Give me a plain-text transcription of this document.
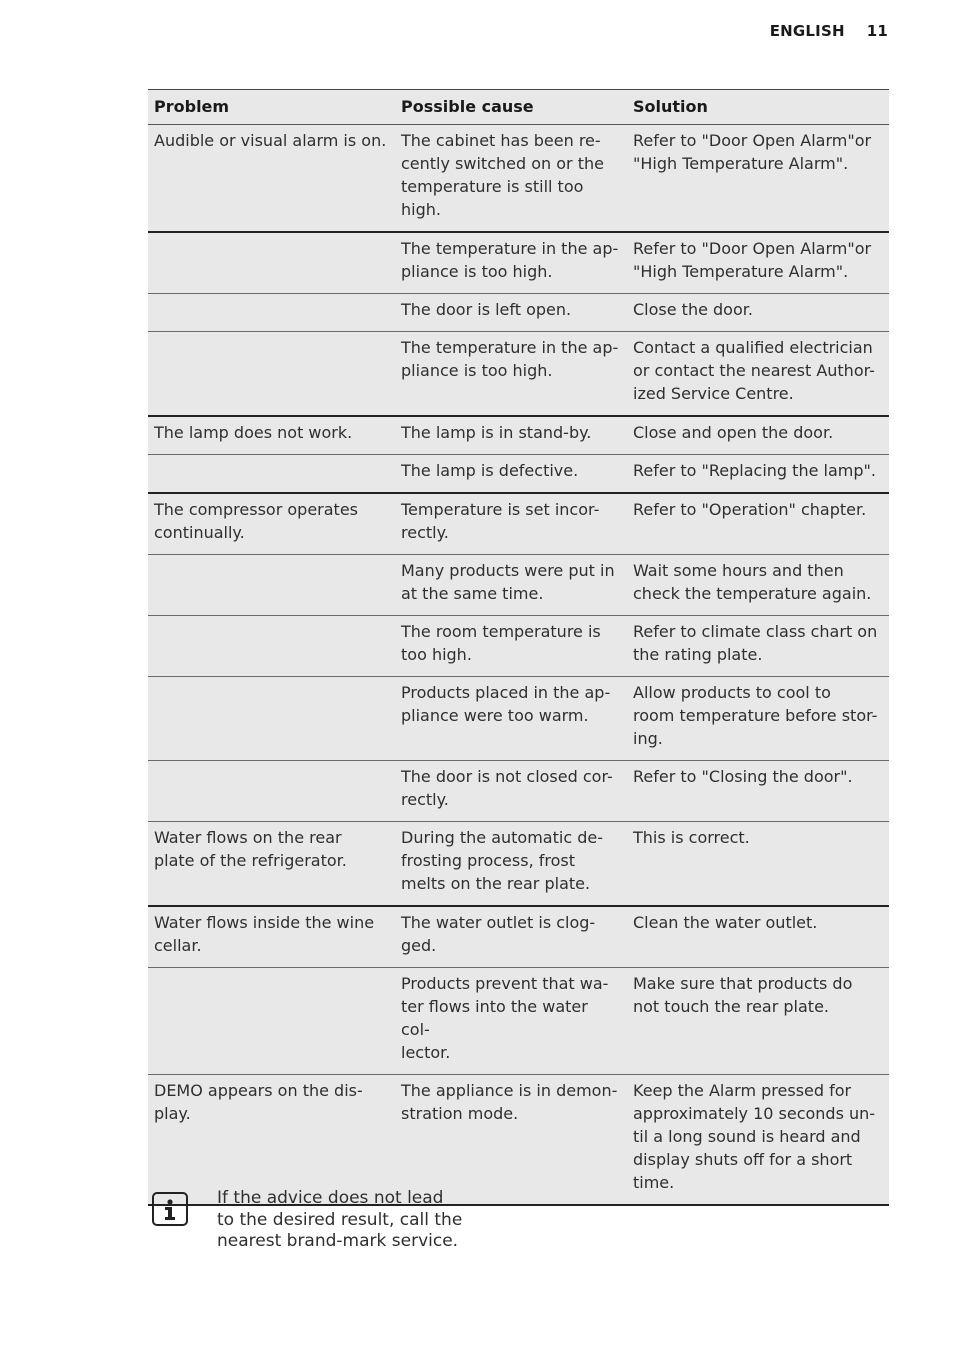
ENGLISH 11
Problem	Possible cause	Solution
Audible or visual alarm is on.	The cabinet has been re-
cently switched on or the
temperature is still too
high.	Refer to "Door Open Alarm"or
"High Temperature Alarm".
	The temperature in the ap-
pliance is too high.	Refer to "Door Open Alarm"or
"High Temperature Alarm".
	The door is left open.	Close the door.
	The temperature in the ap-
pliance is too high.	Contact a qualified electrician
or contact the nearest Author-
ized Service Centre.
The lamp does not work.	The lamp is in stand-by.	Close and open the door.
	The lamp is defective.	Refer to "Replacing the lamp".
The compressor operates
continually.	Temperature is set incor-
rectly.	Refer to "Operation" chapter.
	Many products were put in
at the same time.	Wait some hours and then
check the temperature again.
	The room temperature is
too high.	Refer to climate class chart on
the rating plate.
	Products placed in the ap-
pliance were too warm.	Allow products to cool to
room temperature before stor-
ing.
	The door is not closed cor-
rectly.	Refer to "Closing the door".
Water flows on the rear
plate of the refrigerator.	During the automatic de-
frosting process, frost
melts on the rear plate.	This is correct.
Water flows inside the wine
cellar.	The water outlet is clog-
ged.	Clean the water outlet.
	Products prevent that wa-
ter flows into the water col-
lector.	Make sure that products do
not touch the rear plate.
DEMO appears on the dis-
play.	The appliance is in demon-
stration mode.	Keep the Alarm pressed for
approximately 10 seconds un-
til a long sound is heard and
display shuts off for a short
time.
If the advice does not lead
to the desired result, call the
nearest brand-mark service.
